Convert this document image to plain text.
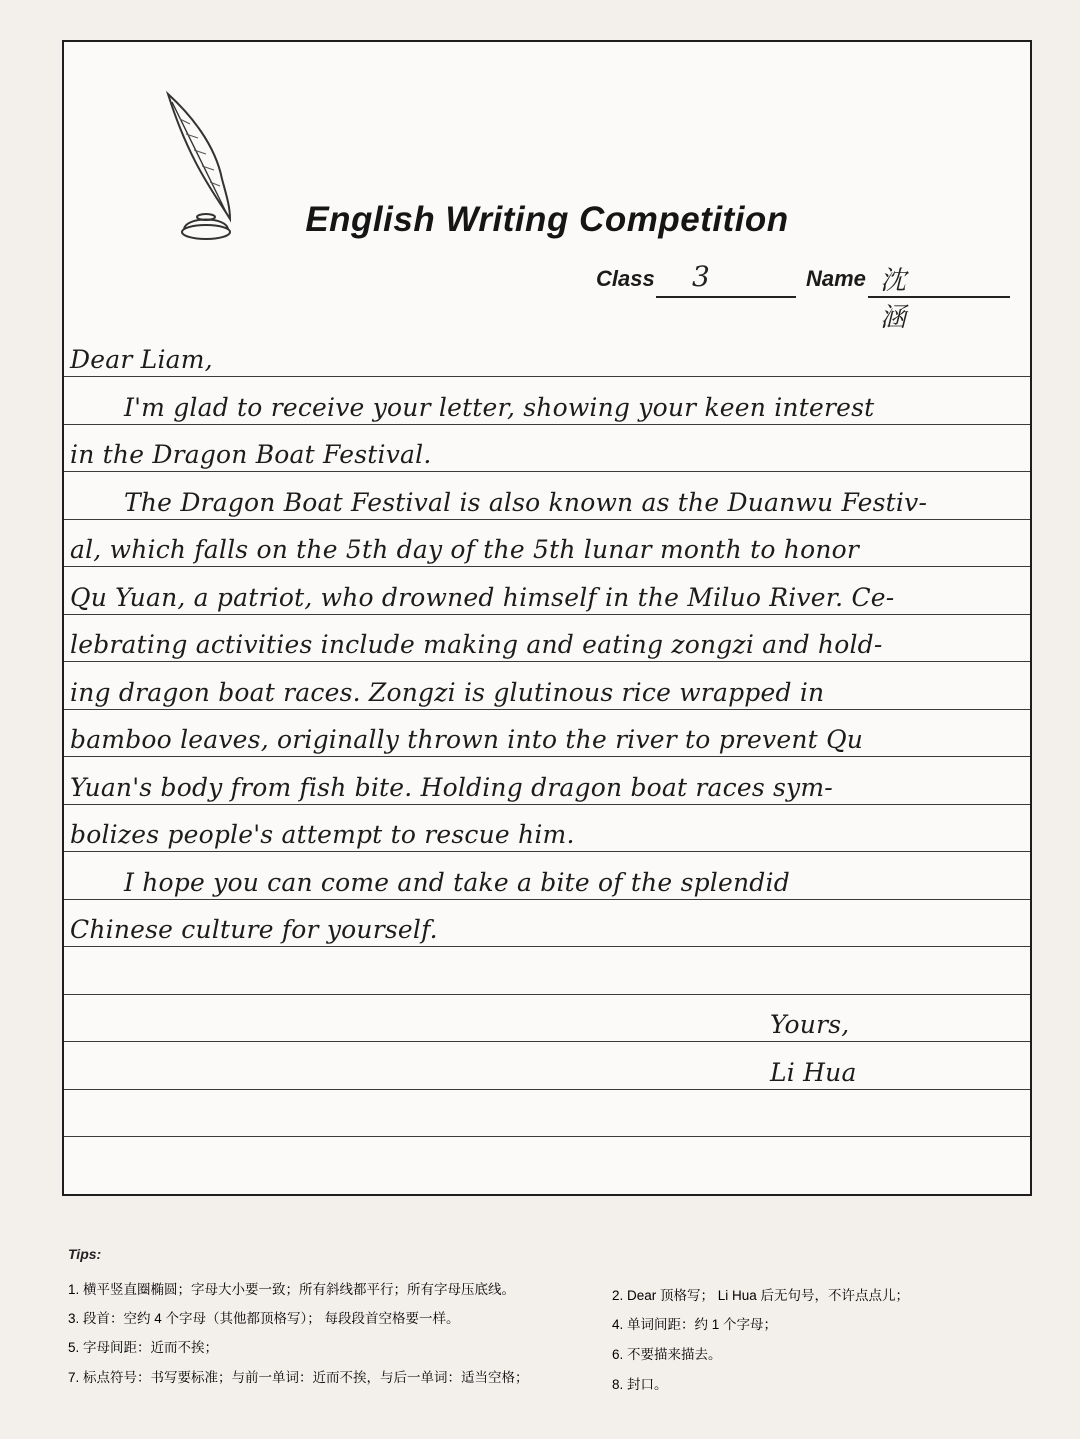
English Writing Competition
Class 3	Name 沈涵
Dear Liam,
I'm glad to receive your letter, showing your keen interest
in the Dragon Boat Festival.
The Dragon Boat Festival is also known as the Duanwu Festiv-
al, which falls on the 5th day of the 5th lunar month to honor
Qu Yuan, a patriot, who drowned himself in the Miluo River. Ce-
lebrating activities include making and eating zongzi and hold-
ing dragon boat races. Zongzi is glutinous rice wrapped in
bamboo leaves, originally thrown into the river to prevent Qu
Yuan's body from fish bite. Holding dragon boat races sym-
bolizes people's attempt to rescue him.
I hope you can come and take a bite of the splendid
Chinese culture for yourself.
Yours,
Li Hua
Tips:
1. 横平竖直圈椭圆；字母大小要一致；所有斜线都平行；所有字母压底线。	2. Dear 顶格写； Li Hua 后无句号，不许点点儿；
3. 段首：空约 4 个字母（其他都顶格写）； 每段段首空格要一样。	4. 单词间距：约 1 个字母；
5. 字母间距：近而不挨；	6. 不要描来描去。
7. 标点符号：书写要标准；与前一单词：近而不挨，与后一单词：适当空格；	8. 封口。
